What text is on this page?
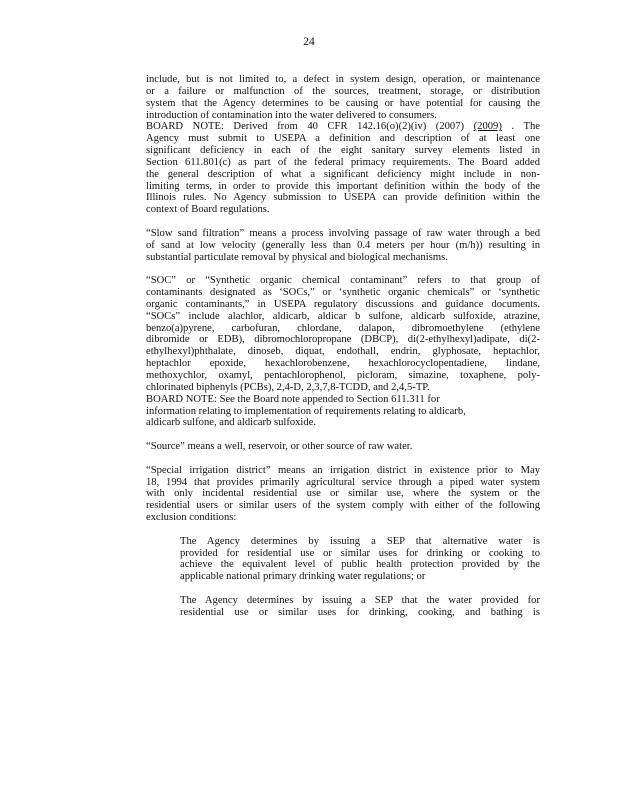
24
include, but is not limited to, a defect in system design, operation, or maintenance
or a failure or malfunction of the sources, treatment, storage, or distribution
system that the Agency determines to be causing or have potential for causing the
introduction of contamination into the water delivered to consumers.
BOARD NOTE: Derived from 40 CFR 142.16(o)(2)(iv) (2007) (2009) . The
Agency must submit to USEPA a definition and description of at least one
significant deficiency in each of the eight sanitary survey elements listed in
Section 611.801(c) as part of the federal primacy requirements. The Board added
the general description of what a significant deficiency might include in non-
limiting terms, in order to provide this important definition within the body of the
Illinois rules. No Agency submission to USEPA can provide definition within the
context of Board regulations.
“Slow sand filtration” means a process involving passage of raw water through a bed
of sand at low velocity (generally less than 0.4 meters per hour (m/h)) resulting in
substantial particulate removal by physical and biological mechanisms.
“SOC” or “Synthetic organic chemical contaminant” refers to that group of
contaminants designated as ‘SOCs,” or ‘synthetic organic chemicals” or ‘synthetic
organic contaminants,” in USEPA regulatory discussions and guidance documents.
“SOCs” include alachlor, aldicarb, aldicar b sulfone, aldicarb sulfoxide, atrazine,
benzo(a)pyrene, carbofuran, chlordane, dalapon, dibromoethylene (ethylene
dibromide or EDB), dibromochloropropane (DBCP), di(2-ethylhexyl)adipate, di(2-
ethylhexyl)phthalate, dinoseb, diquat, endothall, endrin, glyphosate, heptachlor,
heptachlor epoxide, hexachlorobenzene, hexachlorocyclopentadiene, lindane,
methoxychlor, oxamyl, pentachlorophenol, picloram, simazine, toxaphene, poly-
chlorinated biphenyls (PCBs), 2,4-D, 2,3,7,8-TCDD, and 2,4,5-TP.
BOARD NOTE: See the Board note appended to Section 611.311 for
information relating to implementation of requirements relating to aldicarb,
aldicarb sulfone, and aldicarb sulfoxide.
“Source” means a well, reservoir, or other source of raw water.
“Special irrigation district” means an irrigation district in existence prior to May
18, 1994 that provides primarily agricultural service through a piped water system
with only incidental residential use or similar use, where the system or the
residential users or similar users of the system comply with either of the following
exclusion conditions:
The Agency determines by issuing a SEP that alternative water is
provided for residential use or similar uses for drinking or cooking to
achieve the equivalent level of public health protection provided by the
applicable national primary drinking water regulations; or
The Agency determines by issuing a SEP that the water provided for
residential use or similar uses for drinking, cooking, and bathing is
